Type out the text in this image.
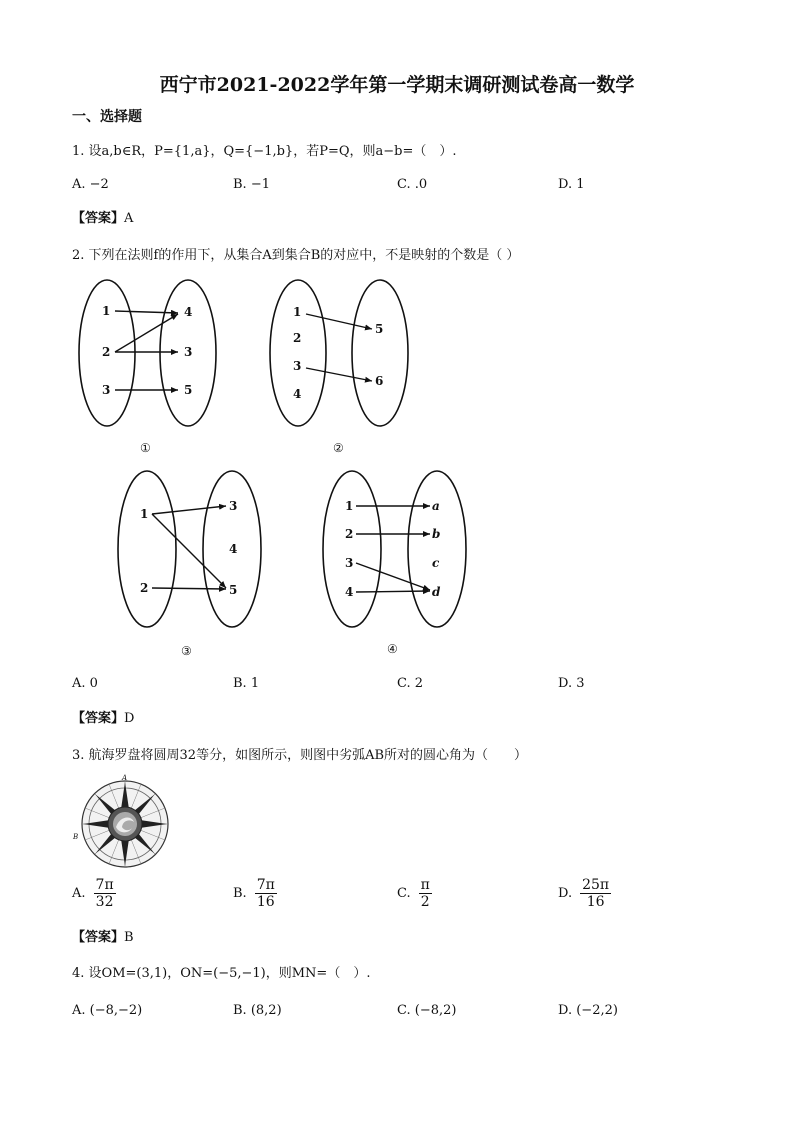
西宁市2021-2022学年第一学期末调研测试卷高一数学
一、选择题
1. 设a,b∈R，P={1,a}，Q={−1,b}，若P=Q，则a−b=（　）.
A. −2	B. −1	C. .0	D. 1
【答案】A
2. 下列在法则f的作用下，从集合A到集合B的对应中，不是映射的个数是（ ）
1
2
3
4
3
5
1
2
3
4
5
6
1
2
3
4
5
1
2
3
4
a
b
c
d
①	②
③	④
A. 0	B. 1	C. 2	D. 3
【答案】D
3. 航海罗盘将圆周32等分，如图所示，则图中劣弧AB所对的圆心角为（　　）
A
B
A. $\frac{7\pi}{32}$	B. $\frac{7\pi}{16}$	C. $\frac{\pi}{2}$	D. $\frac{25\pi}{16}$
【答案】B
4. 设OM=(3,1)，ON=(−5,−1)，则MN=（　）.
A. (−8,−2)	B. (8,2)	C. (−8,2)	D. (−2,2)
